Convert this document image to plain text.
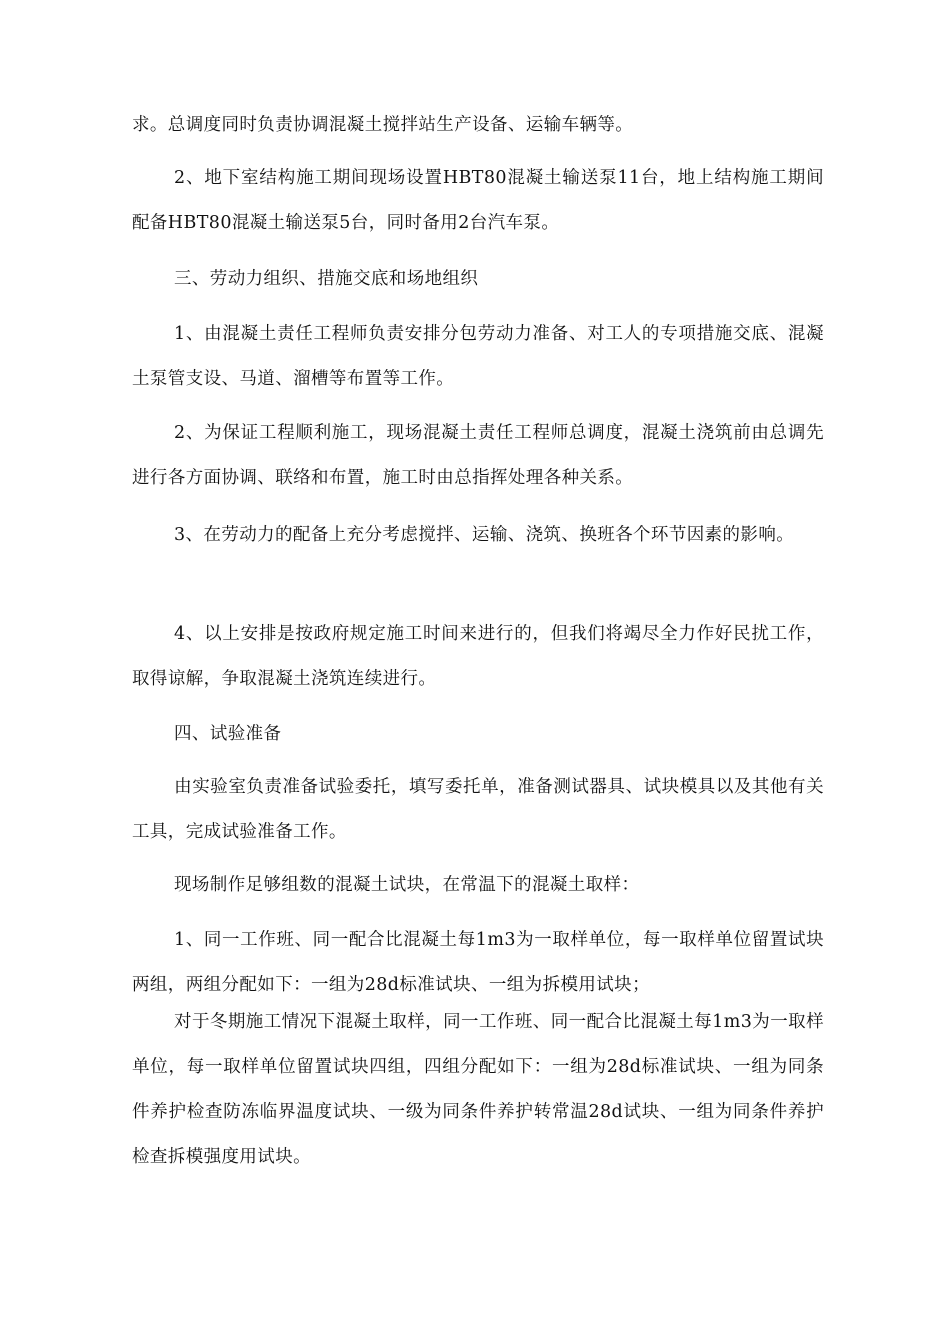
求。总调度同时负责协调混凝土搅拌站生产设备、运输车辆等。

2、地下室结构施工期间现场设置HBT80混凝土输送泵11台，地上结构施工期间配备HBT80混凝土输送泵5台，同时备用2台汽车泵。

三、劳动力组织、措施交底和场地组织

1、由混凝土责任工程师负责安排分包劳动力准备、对工人的专项措施交底、混凝土泵管支设、马道、溜槽等布置等工作。

2、为保证工程顺利施工，现场混凝土责任工程师总调度，混凝土浇筑前由总调先进行各方面协调、联络和布置，施工时由总指挥处理各种关系。

3、在劳动力的配备上充分考虑搅拌、运输、浇筑、换班各个环节因素的影响。

4、以上安排是按政府规定施工时间来进行的，但我们将竭尽全力作好民扰工作，取得谅解，争取混凝土浇筑连续进行。

四、试验准备

由实验室负责准备试验委托，填写委托单，准备测试器具、试块模具以及其他有关工具，完成试验准备工作。

现场制作足够组数的混凝土试块，在常温下的混凝土取样：

1、同一工作班、同一配合比混凝土每1m3为一取样单位，每一取样单位留置试块两组，两组分配如下：一组为28d标准试块、一组为拆模用试块；

对于冬期施工情况下混凝土取样，同一工作班、同一配合比混凝土每1m3为一取样单位，每一取样单位留置试块四组，四组分配如下：一组为28d标准试块、一组为同条件养护检查防冻临界温度试块、一级为同条件养护转常温28d试块、一组为同条件养护检查拆模强度用试块。
